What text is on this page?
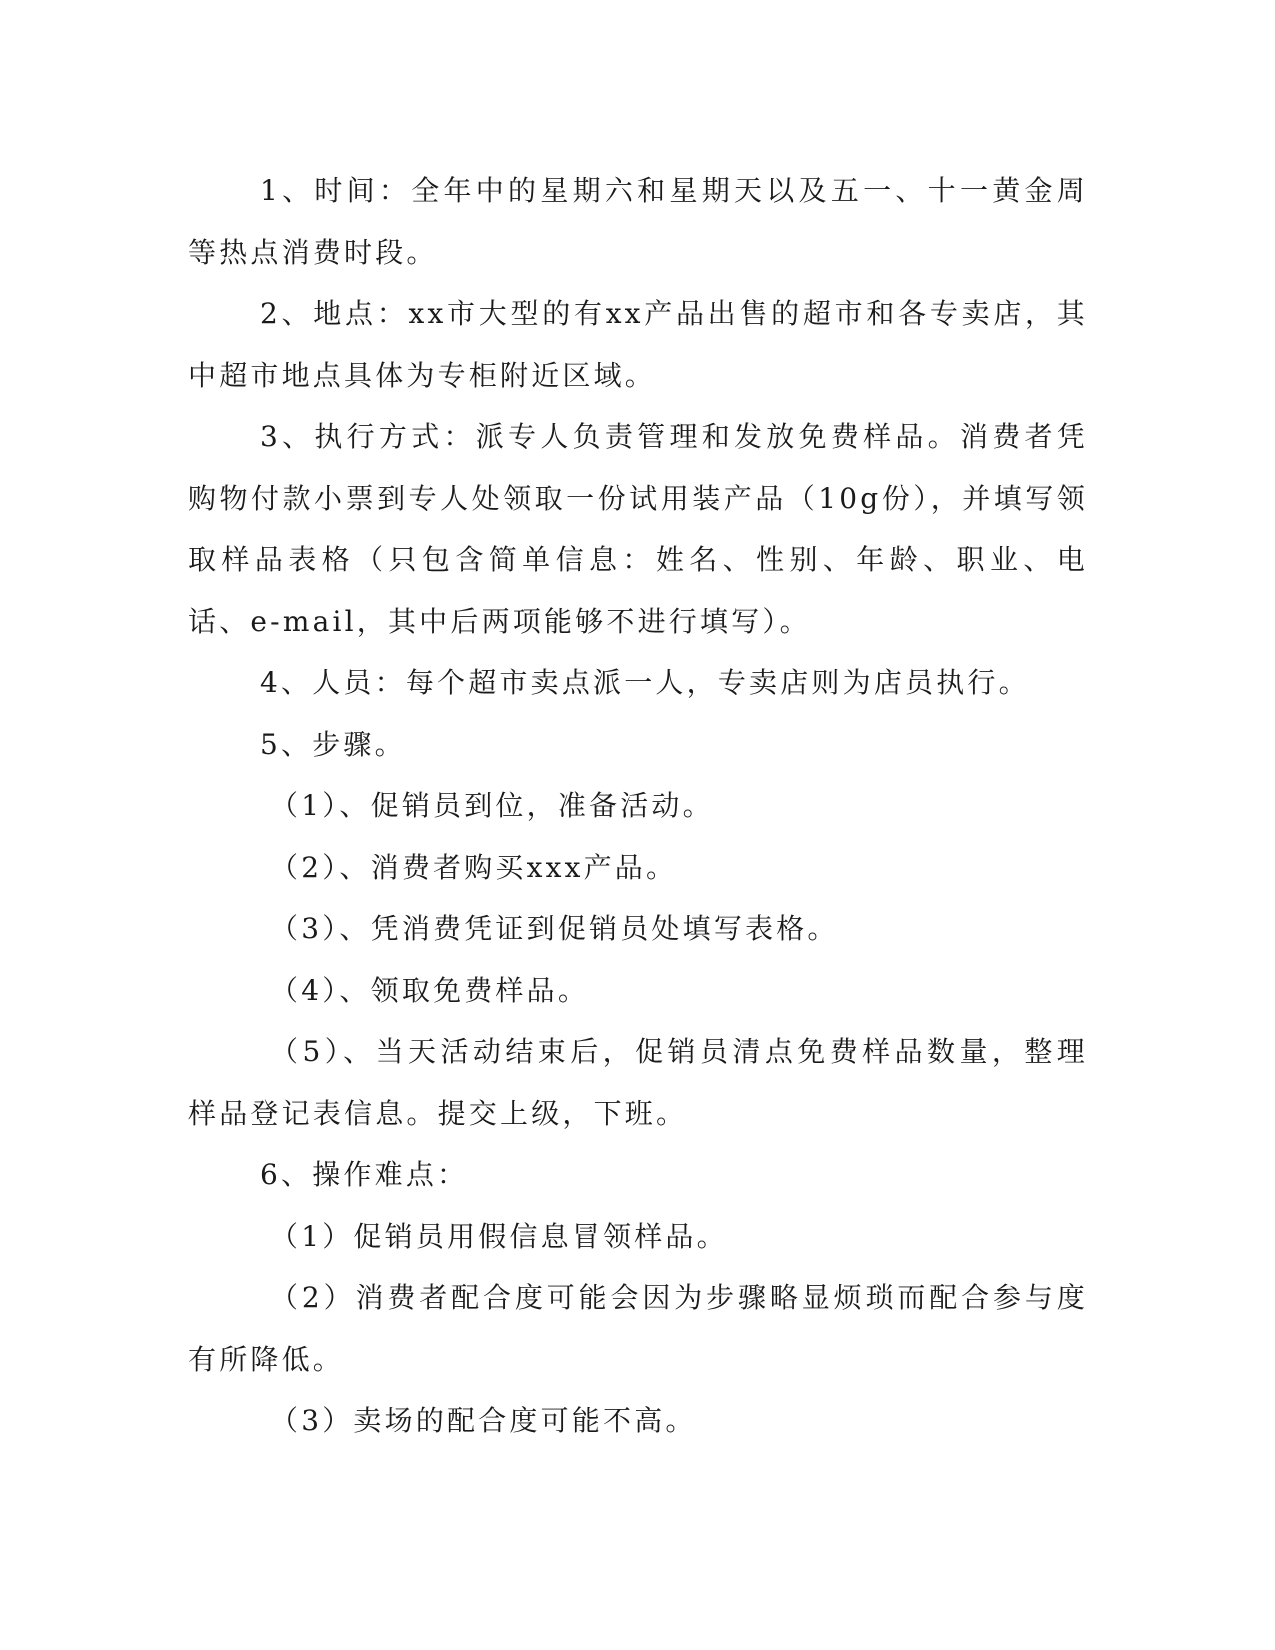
1、时间：全年中的星期六和星期天以及五一、十一黄金周等热点消费时段。

2、地点：xx市大型的有xx产品出售的超市和各专卖店，其中超市地点具体为专柜附近区域。

3、执行方式：派专人负责管理和发放免费样品。消费者凭购物付款小票到专人处领取一份试用装产品（10g份），并填写领取样品表格（只包含简单信息：姓名、性别、年龄、职业、电话、e-mail，其中后两项能够不进行填写）。

4、人员：每个超市卖点派一人，专卖店则为店员执行。

5、步骤。

（1）、促销员到位，准备活动。

（2）、消费者购买xxx产品。

（3）、凭消费凭证到促销员处填写表格。

（4）、领取免费样品。

（5）、当天活动结束后，促销员清点免费样品数量，整理样品登记表信息。提交上级，下班。

6、操作难点：

（1）促销员用假信息冒领样品。

（2）消费者配合度可能会因为步骤略显烦琐而配合参与度有所降低。

（3）卖场的配合度可能不高。
